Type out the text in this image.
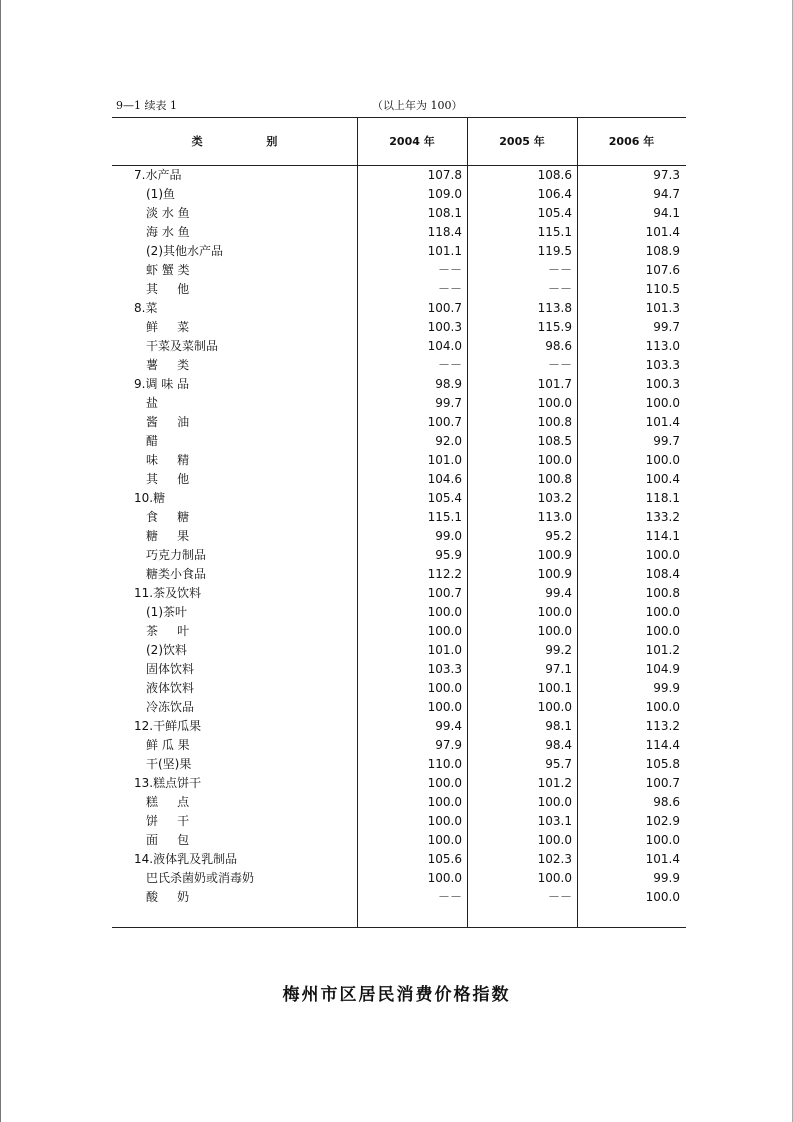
9—1 续表 1	（以上年为 100）
类 别	2004 年	2005 年	2006 年
7.水产品	107.8	108.6	97.3
(1)鱼	109.0	106.4	94.7
淡 水 鱼	108.1	105.4	94.1
海 水 鱼	118.4	115.1	101.4
(2)其他水产品	101.1	119.5	108.9
虾 蟹 类	－－	－－	107.6
其     他	－－	－－	110.5
8.菜	100.7	113.8	101.3
鲜     菜	100.3	115.9	99.7
干菜及菜制品	104.0	98.6	113.0
薯     类	－－	－－	103.3
9.调 味 品	98.9	101.7	100.3
盐	99.7	100.0	100.0
酱     油	100.7	100.8	101.4
醋	92.0	108.5	99.7
味     精	101.0	100.0	100.0
其     他	104.6	100.8	100.4
10.糖	105.4	103.2	118.1
食     糖	115.1	113.0	133.2
糖     果	99.0	95.2	114.1
巧克力制品	95.9	100.9	100.0
糖类小食品	112.2	100.9	108.4
11.茶及饮料	100.7	99.4	100.8
(1)茶叶	100.0	100.0	100.0
茶     叶	100.0	100.0	100.0
(2)饮料	101.0	99.2	101.2
固体饮料	103.3	97.1	104.9
液体饮料	100.0	100.1	99.9
冷冻饮品	100.0	100.0	100.0
12.干鲜瓜果	99.4	98.1	113.2
鲜 瓜 果	97.9	98.4	114.4
干(坚)果	110.0	95.7	105.8
13.糕点饼干	100.0	101.2	100.7
糕     点	100.0	100.0	98.6
饼     干	100.0	103.1	102.9
面     包	100.0	100.0	100.0
14.液体乳及乳制品	105.6	102.3	101.4
巴氏杀菌奶或消毒奶	100.0	100.0	99.9
酸     奶	－－	－－	100.0
梅州市区居民消费价格指数
